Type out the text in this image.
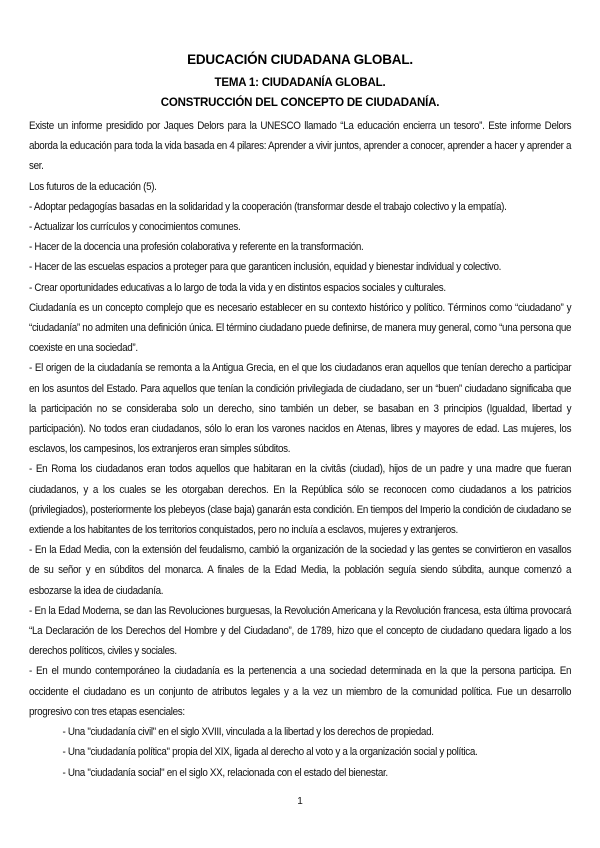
EDUCACIÓN CIUDADANA GLOBAL.
TEMA 1: CIUDADANÍA GLOBAL.
CONSTRUCCIÓN DEL CONCEPTO DE CIUDADANÍA.

Existe un informe presidido por Jaques Delors para la UNESCO llamado “La educación encierra un tesoro”. Este informe Delors aborda la educación para toda la vida basada en 4 pilares: Aprender a vivir juntos, aprender a conocer, aprender a hacer y aprender a ser.

Los futuros de la educación (5).

- Adoptar pedagogías basadas en la solidaridad y la cooperación (transformar desde el trabajo colectivo y la empatía).

- Actualizar los currículos y conocimientos comunes.

- Hacer de la docencia una profesión colaborativa y referente en la transformación.

- Hacer de las escuelas espacios a proteger para que garanticen inclusión, equidad y bienestar individual y colectivo.

- Crear oportunidades educativas a lo largo de toda la vida y en distintos espacios sociales y culturales.

Ciudadanía es un concepto complejo que es necesario establecer en su contexto histórico y político. Términos como “ciudadano” y “ciudadanía” no admiten una definición única. El término ciudadano puede definirse, de manera muy general, como “una persona que coexiste en una sociedad”.

- El origen de la ciudadanía se remonta a la Antigua Grecia, en el que los ciudadanos eran aquellos que tenían derecho a participar en los asuntos del Estado. Para aquellos que tenían la condición privilegiada de ciudadano, ser un “buen” ciudadano significaba que la participación no se consideraba solo un derecho, sino también un deber, se basaban en 3 principios (Igualdad, libertad y participación). No todos eran ciudadanos, sólo lo eran los varones nacidos en Atenas, libres y mayores de edad. Las mujeres, los esclavos, los campesinos, los extranjeros eran simples súbditos.

- En Roma los ciudadanos eran todos aquellos que habitaran en la civitâs (ciudad), hijos de un padre y una madre que fueran ciudadanos, y a los cuales se les otorgaban derechos. En la República sólo se reconocen como ciudadanos a los patricios (privilegiados), posteriormente los plebeyos (clase baja) ganarán esta condición. En tiempos del Imperio la condición de ciudadano se extiende a los habitantes de los territorios conquistados, pero no incluía a esclavos, mujeres y extranjeros.

- En la Edad Media, con la extensión del feudalismo, cambió la organización de la sociedad y las gentes se convirtieron en vasallos de su señor y en súbditos del monarca. A finales de la Edad Media, la población seguía siendo súbdita, aunque comenzó a esbozarse la idea de ciudadanía.

- En la Edad Moderna, se dan las Revoluciones burguesas, la Revolución Americana y la Revolución francesa, esta última provocará “La Declaración de los Derechos del Hombre y del Ciudadano”, de 1789, hizo que el concepto de ciudadano quedara ligado a los derechos políticos, civiles y sociales.

- En el mundo contemporáneo la ciudadanía es la pertenencia a una sociedad determinada en la que la persona participa. En occidente el ciudadano es un conjunto de atributos legales y a la vez un miembro de la comunidad política. Fue un desarrollo progresivo con tres etapas esenciales:

- Una "ciudadanía civil" en el siglo XVIII, vinculada a la libertad y los derechos de propiedad.

- Una "ciudadanía política" propia del XIX, ligada al derecho al voto y a la organización social y política.

- Una "ciudadanía social" en el siglo XX, relacionada con el estado del bienestar.

1
